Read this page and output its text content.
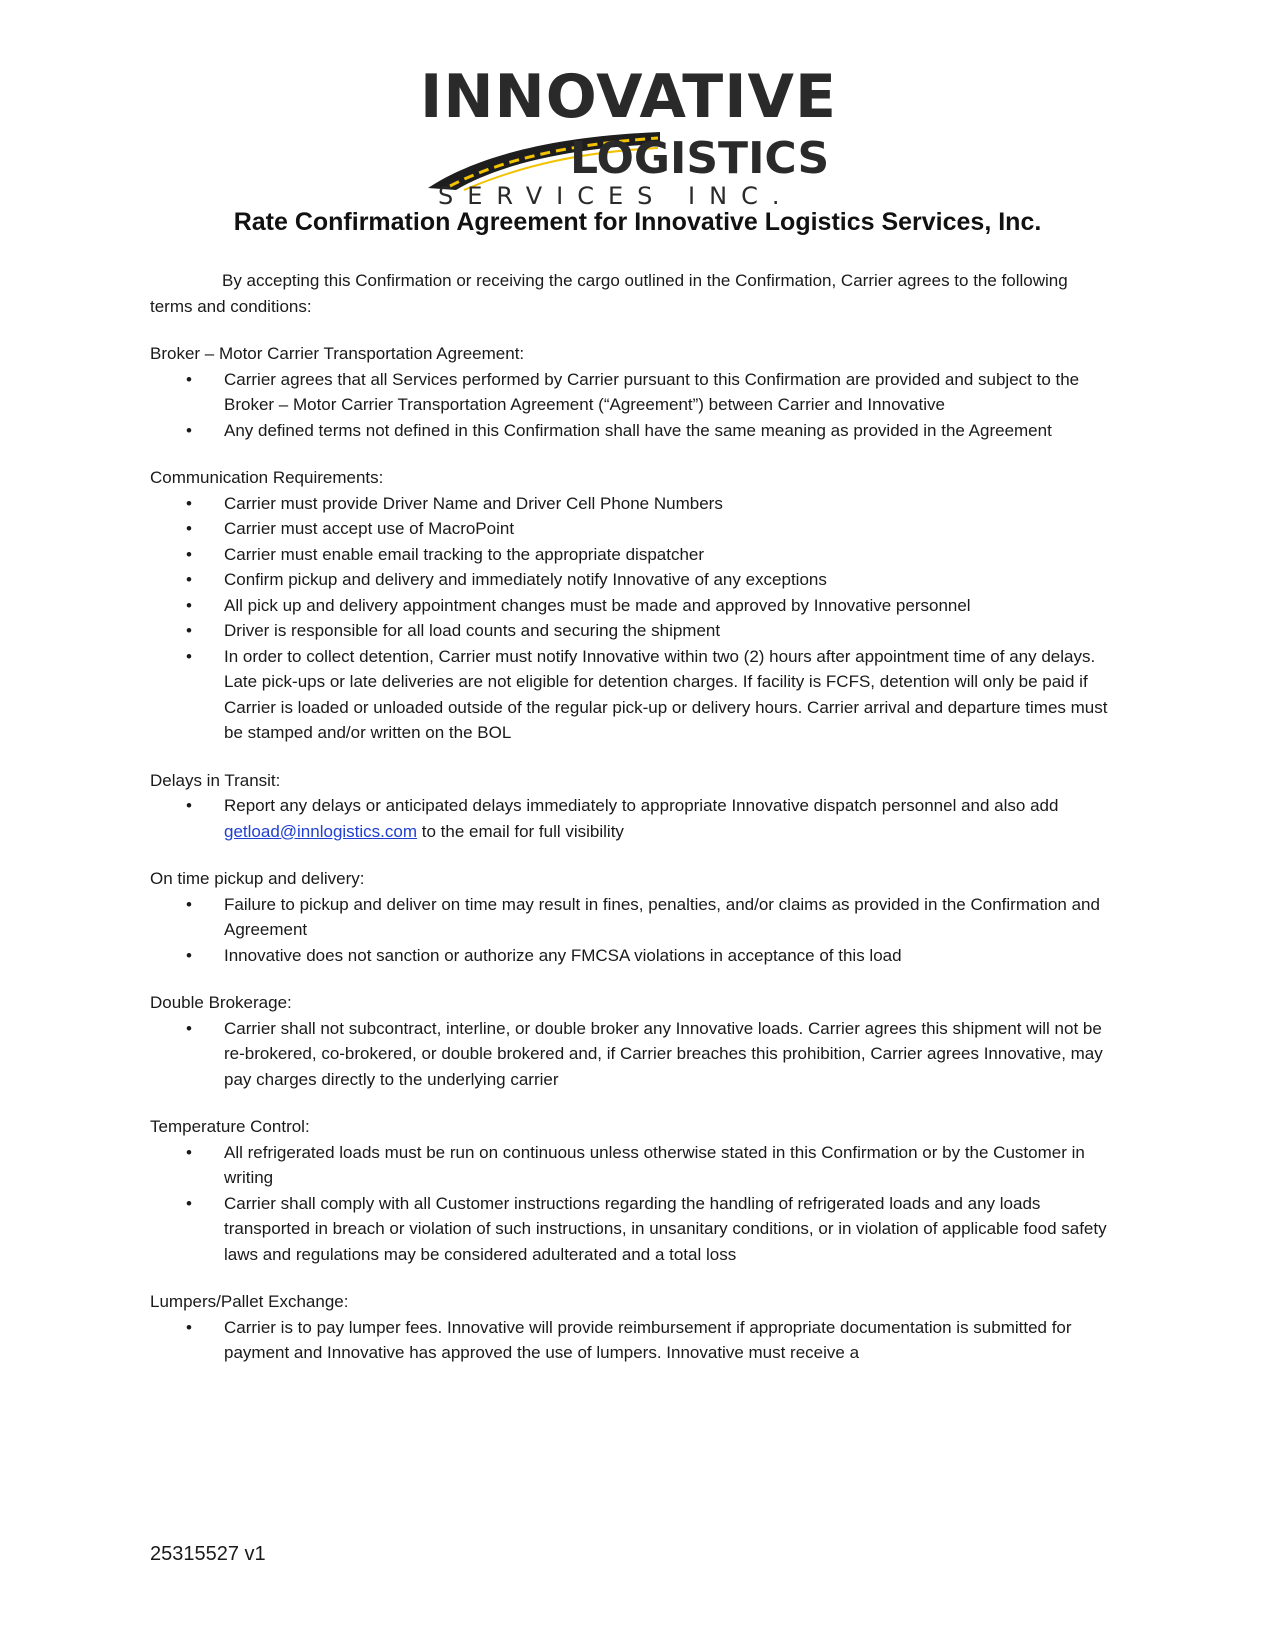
INNOVATIVE
LOGISTICS
SERVICES INC.
Rate Confirmation Agreement for Innovative Logistics Services, Inc.

By accepting this Confirmation or receiving the cargo outlined in the Confirmation, Carrier agrees to the following terms and conditions:

Broker – Motor Carrier Transportation Agreement:

• Carrier agrees that all Services performed by Carrier pursuant to this Confirmation are provided and subject to the Broker – Motor Carrier Transportation Agreement (“Agreement”) between Carrier and Innovative
• Any defined terms not defined in this Confirmation shall have the same meaning as provided in the Agreement

Communication Requirements:

• Carrier must provide Driver Name and Driver Cell Phone Numbers
• Carrier must accept use of MacroPoint
• Carrier must enable email tracking to the appropriate dispatcher
• Confirm pickup and delivery and immediately notify Innovative of any exceptions
• All pick up and delivery appointment changes must be made and approved by Innovative personnel
• Driver is responsible for all load counts and securing the shipment
• In order to collect detention, Carrier must notify Innovative within two (2) hours after appointment time of any delays. Late pick-ups or late deliveries are not eligible for detention charges. If facility is FCFS, detention will only be paid if Carrier is loaded or unloaded outside of the regular pick-up or delivery hours. Carrier arrival and departure times must be stamped and/or written on the BOL

Delays in Transit:

• Report any delays or anticipated delays immediately to appropriate Innovative dispatch personnel and also add getload@innlogistics.com to the email for full visibility

On time pickup and delivery:

• Failure to pickup and deliver on time may result in fines, penalties, and/or claims as provided in the Confirmation and Agreement
• Innovative does not sanction or authorize any FMCSA violations in acceptance of this load

Double Brokerage:

• Carrier shall not subcontract, interline, or double broker any Innovative loads. Carrier agrees this shipment will not be re-brokered, co-brokered, or double brokered and, if Carrier breaches this prohibition, Carrier agrees Innovative, may pay charges directly to the underlying carrier

Temperature Control:

• All refrigerated loads must be run on continuous unless otherwise stated in this Confirmation or by the Customer in writing
• Carrier shall comply with all Customer instructions regarding the handling of refrigerated loads and any loads transported in breach or violation of such instructions, in unsanitary conditions, or in violation of applicable food safety laws and regulations may be considered adulterated and a total loss

Lumpers/Pallet Exchange:

• Carrier is to pay lumper fees. Innovative will provide reimbursement if appropriate documentation is submitted for payment and Innovative has approved the use of lumpers. Innovative must receive a
25315527 v1
